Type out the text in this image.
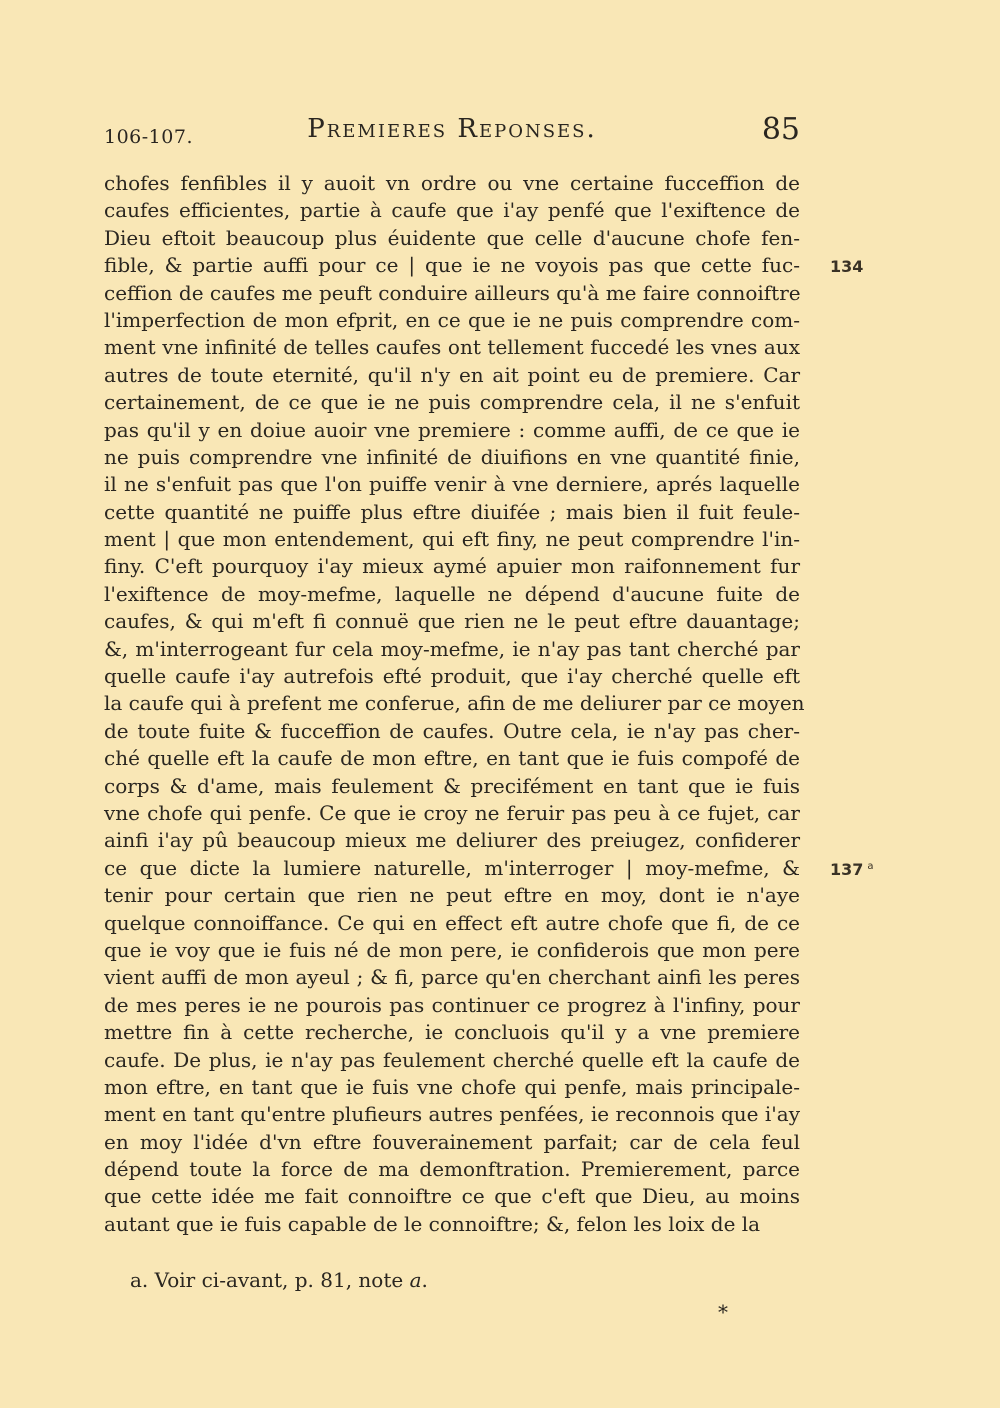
106-107.	Premieres Reponses.	85
chofes fenfibles il y auoit vn ordre ou vne certaine fucceffion de
caufes efficientes, partie à caufe que i'ay penfé que l'exiftence de
Dieu eftoit beaucoup plus éuidente que celle d'aucune chofe fen-
fible, & partie auffi pour ce | que ie ne voyois pas que cette fuc-
ceffion de caufes me peuft conduire ailleurs qu'à me faire connoiftre
l'imperfection de mon efprit, en ce que ie ne puis comprendre com-
ment vne infinité de telles caufes ont tellement fuccedé les vnes aux
autres de toute eternité, qu'il n'y en ait point eu de premiere. Car
certainement, de ce que ie ne puis comprendre cela, il ne s'enfuit
pas qu'il y en doiue auoir vne premiere : comme auffi, de ce que ie
ne puis comprendre vne infinité de diuifions en vne quantité finie,
il ne s'enfuit pas que l'on puiffe venir à vne derniere, aprés laquelle
cette quantité ne puiffe plus eftre diuifée ; mais bien il fuit feule-
ment | que mon entendement, qui eft finy, ne peut comprendre l'in-
finy. C'eft pourquoy i'ay mieux aymé apuier mon raifonnement fur
l'exiftence de moy-mefme, laquelle ne dépend d'aucune fuite de
caufes, & qui m'eft fi connuë que rien ne le peut eftre dauantage;
&, m'interrogeant fur cela moy-mefme, ie n'ay pas tant cherché par
quelle caufe i'ay autrefois efté produit, que i'ay cherché quelle eft
la caufe qui à prefent me conferue, afin de me deliurer par ce moyen
de toute fuite & fucceffion de caufes. Outre cela, ie n'ay pas cher-
ché quelle eft la caufe de mon eftre, en tant que ie fuis compofé de
corps & d'ame, mais feulement & precifément en tant que ie fuis
vne chofe qui penfe. Ce que ie croy ne feruir pas peu à ce fujet, car
ainfi i'ay pû beaucoup mieux me deliurer des preiugez, confiderer
ce que dicte la lumiere naturelle, m'interroger | moy-mefme, &
tenir pour certain que rien ne peut eftre en moy, dont ie n'aye
quelque connoiffance. Ce qui en effect eft autre chofe que fi, de ce
que ie voy que ie fuis né de mon pere, ie confiderois que mon pere
vient auffi de mon ayeul ; & fi, parce qu'en cherchant ainfi les peres
de mes peres ie ne pourois pas continuer ce progrez à l'infiny, pour
mettre fin à cette recherche, ie concluois qu'il y a vne premiere
caufe. De plus, ie n'ay pas feulement cherché quelle eft la caufe de
mon eftre, en tant que ie fuis vne chofe qui penfe, mais principale-
ment en tant qu'entre plufieurs autres penfées, ie reconnois que i'ay
en moy l'idée d'vn eftre fouverainement parfait; car de cela feul
dépend toute la force de ma demonftration. Premierement, parce
que cette idée me fait connoiftre ce que c'eft que Dieu, au moins
autant que ie fuis capable de le connoiftre; &, felon les loix de la
134
137 $^a$
a. Voir ci-avant, p. 81, note a.
*
